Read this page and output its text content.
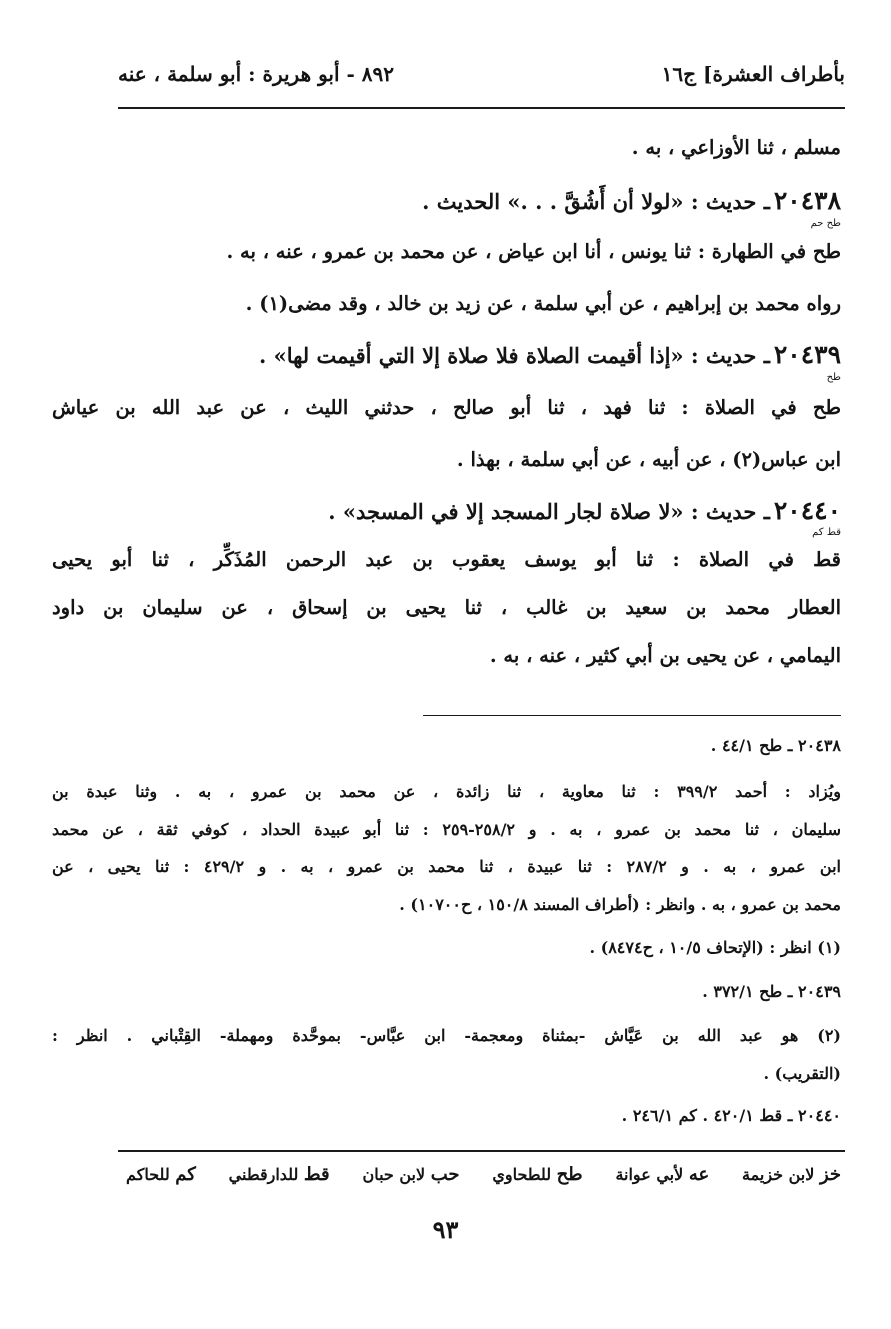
بأطراف العشرة] ج١٦
٨٩٢ - أبو هريرة : أبو سلمة ، عنه
مسلم ، ثنا الأوزاعي ، به .
٢٠٤٣٨ـ حديث : «لولا أن أَشُقَّ . . .» الحديث .
طح حم
طح في الطهارة : ثنا يونس ، أنا ابن عياض ، عن محمد بن عمرو ، عنه ، به .
رواه محمد بن إبراهيم ، عن أبي سلمة ، عن زيد بن خالد ، وقد مضى(١) .
٢٠٤٣٩ـ حديث : «إذا أقيمت الصلاة فلا صلاة إلا التي أقيمت لها» .
طح
طح في الصلاة : ثنا فهد ، ثنا أبو صالح ، حدثني الليث ، عن عبد الله بن عياش
ابن عباس(٢) ، عن أبيه ، عن أبي سلمة ، بهذا .
٢٠٤٤٠ـ حديث : «لا صلاة لجار المسجد إلا في المسجد» .
قط كم
قط في الصلاة : ثنا أبو يوسف يعقوب بن عبد الرحمن المُذَكِّر ، ثنا أبو يحيى
العطار محمد بن سعيد بن غالب ، ثنا يحيى بن إسحاق ، عن سليمان بن داود
اليمامي ، عن يحيى بن أبي كثير ، عنه ، به .
٢٠٤٣٨ ـ طح ٤٤/١ .
ويُزاد : أحمد ٣٩٩/٢ : ثنا معاوية ، ثنا زائدة ، عن محمد بن عمرو ، به . وثنا عبدة بن
سليمان ، ثنا محمد بن عمرو ، به . و ٢٥٨/٢-٢٥٩ : ثنا أبو عبيدة الحداد ، كوفي ثقة ، عن محمد
ابن عمرو ، به . و ٢٨٧/٢ : ثنا عبيدة ، ثنا محمد بن عمرو ، به . و ٤٢٩/٢ : ثنا يحيى ، عن
محمد بن عمرو ، به . وانظر : (أطراف المسند ١٥٠/٨ ، ح١٠٧٠٠) .
(١) انظر : (الإتحاف ١٠/٥ ، ح٨٤٧٤) .
٢٠٤٣٩ ـ طح ٣٧٢/١ .
(٢) هو عبد الله بن عَيَّاش -بمثناة ومعجمة- ابن عبَّاس- بموحَّدة ومهملة- القِتْباني . انظر :
(التقريب) .
٢٠٤٤٠ ـ قط ٤٢٠/١ . كم ٢٤٦/١ .
خز لابن خزيمة
عه لأبي عوانة
طح للطحاوي
حب لابن حبان
قط للدارقطني
كم للحاكم
٩٣
